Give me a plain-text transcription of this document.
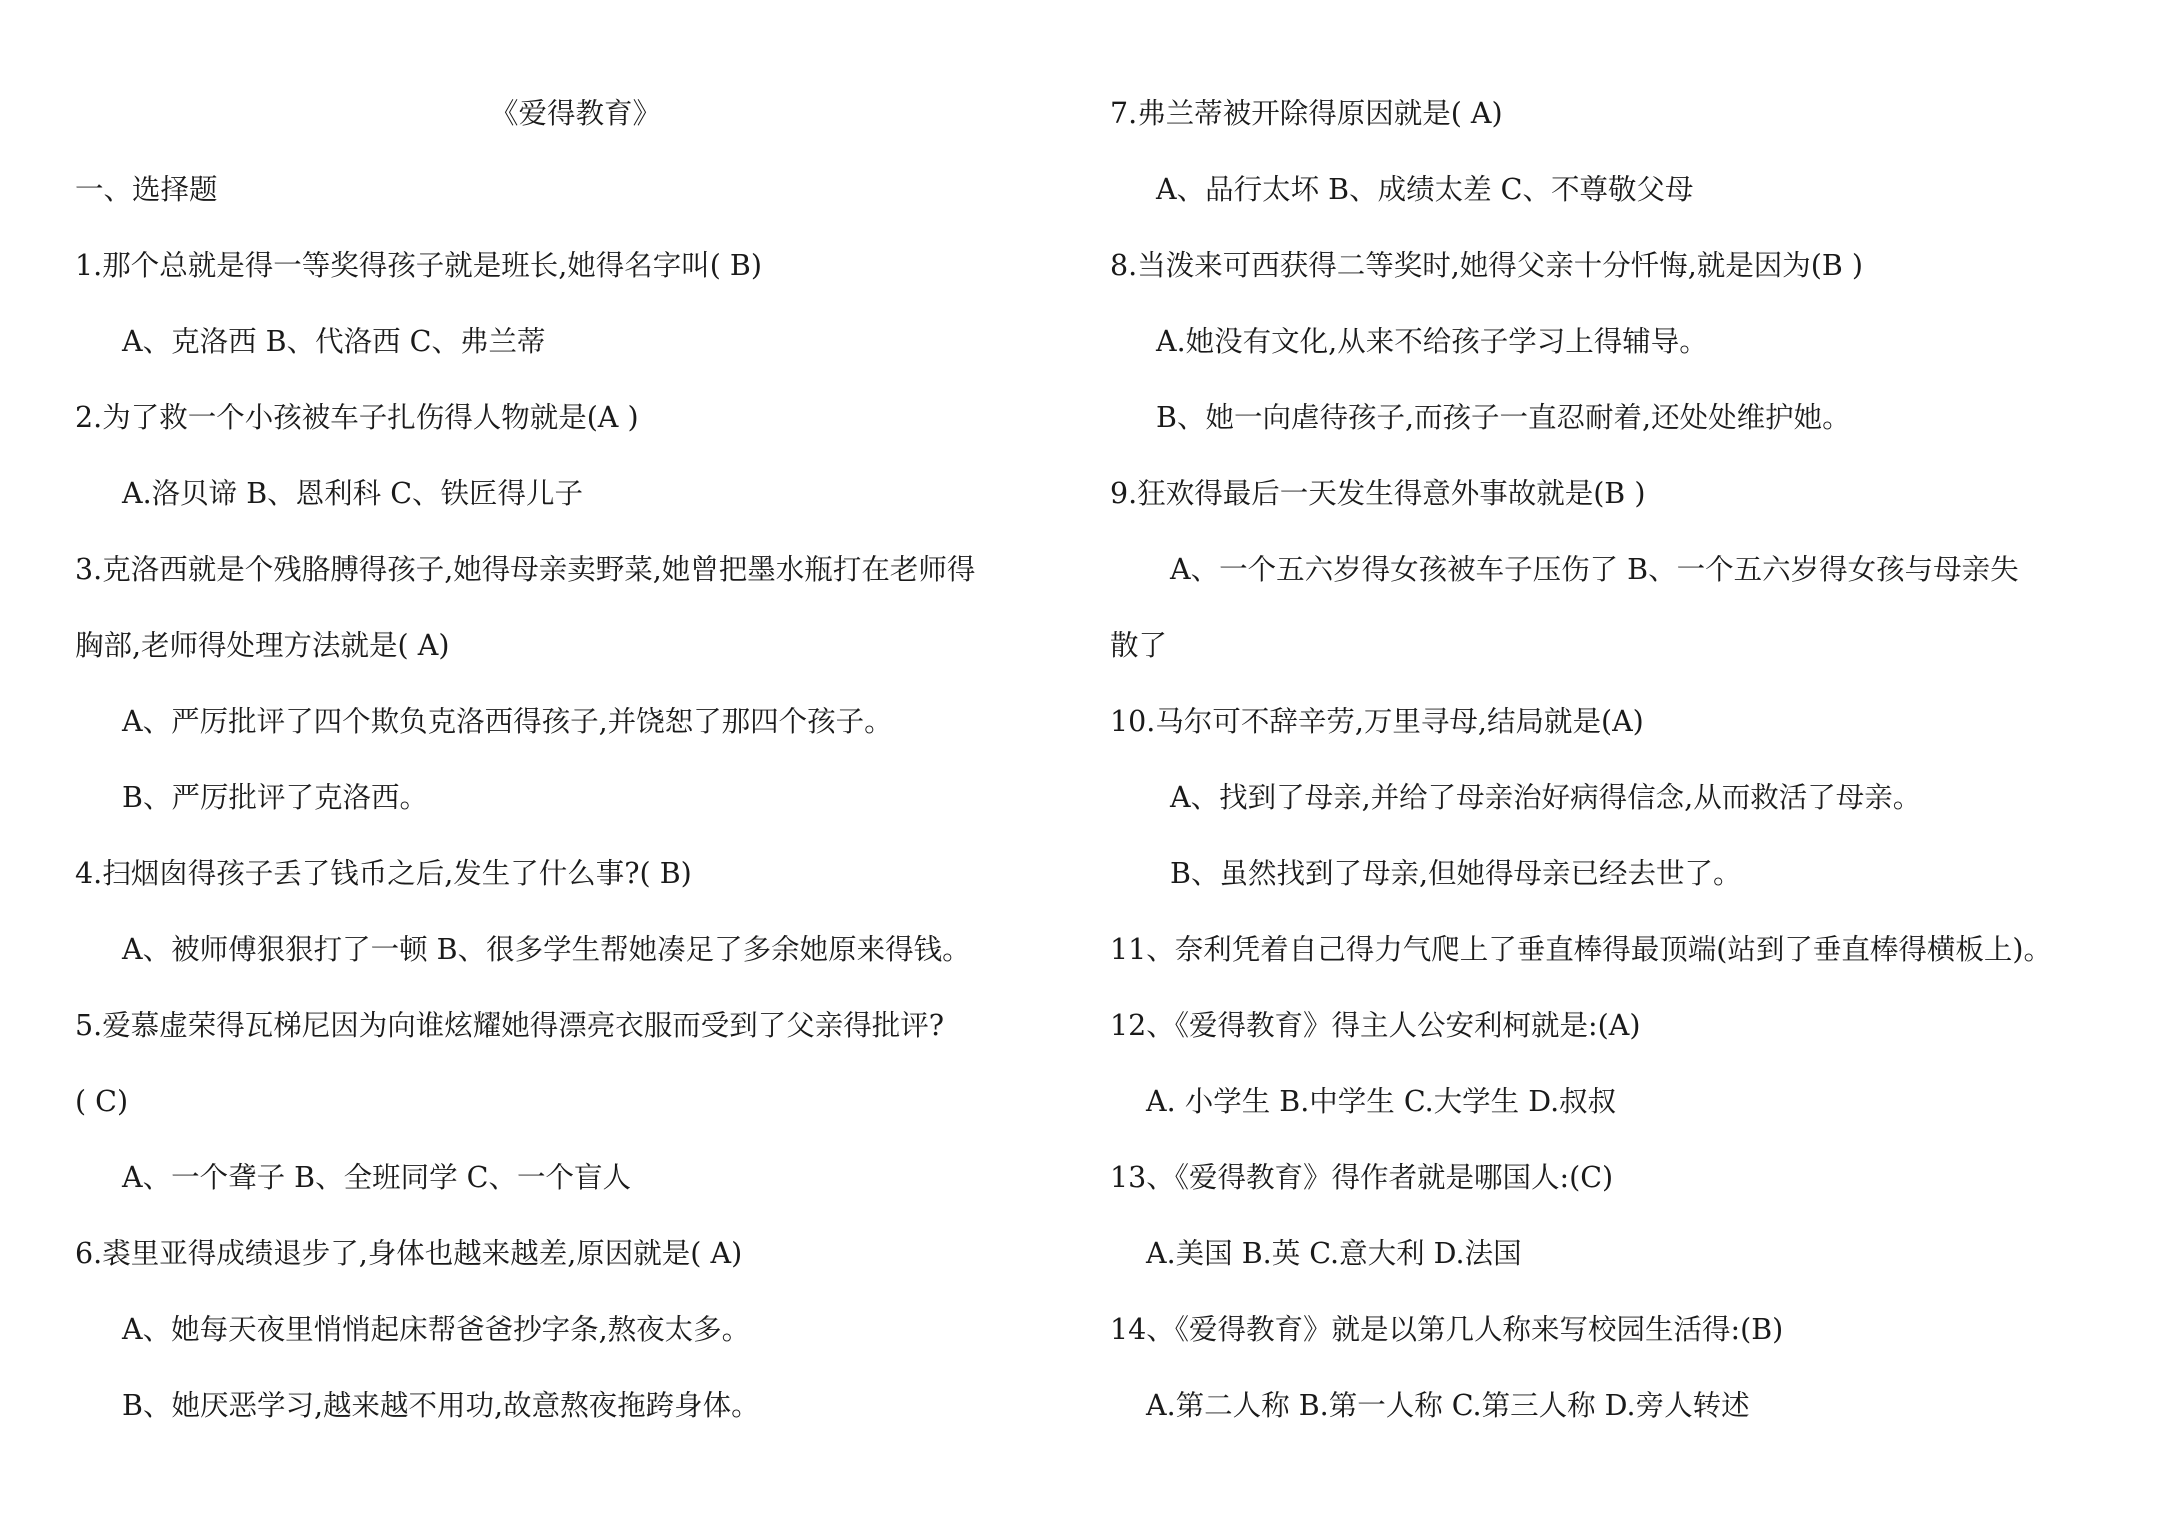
《爱得教育》
一、选择题
1.那个总就是得一等奖得孩子就是班长,她得名字叫( B)
A、克洛西 B、代洛西 C、弗兰蒂
2.为了救一个小孩被车子扎伤得人物就是(A )
A.洛贝谛 B、恩利科 C、铁匠得儿子
3.克洛西就是个残胳膊得孩子,她得母亲卖野菜,她曾把墨水瓶打在老师得
胸部,老师得处理方法就是( A)
A、严厉批评了四个欺负克洛西得孩子,并饶恕了那四个孩子。
B、严厉批评了克洛西。
4.扫烟囱得孩子丢了钱币之后,发生了什么事?( B)
A、被师傅狠狠打了一顿 B、很多学生帮她凑足了多余她原来得钱。
5.爱慕虚荣得瓦梯尼因为向谁炫耀她得漂亮衣服而受到了父亲得批评?
( C)
A、一个聋子 B、全班同学 C、一个盲人
6.裘里亚得成绩退步了,身体也越来越差,原因就是( A)
A、她每天夜里悄悄起床帮爸爸抄字条,熬夜太多。
B、她厌恶学习,越来越不用功,故意熬夜拖跨身体。
7.弗兰蒂被开除得原因就是( A)
A、品行太坏 B、成绩太差 C、不尊敬父母
8.当泼来可西获得二等奖时,她得父亲十分忏悔,就是因为(B )
A.她没有文化,从来不给孩子学习上得辅导。
B、她一向虐待孩子,而孩子一直忍耐着,还处处维护她。
9.狂欢得最后一天发生得意外事故就是(B )
A、一个五六岁得女孩被车子压伤了 B、一个五六岁得女孩与母亲失
散了
10.马尔可不辞辛劳,万里寻母,结局就是(A)
A、找到了母亲,并给了母亲治好病得信念,从而救活了母亲。
B、虽然找到了母亲,但她得母亲已经去世了。
11、奈利凭着自己得力气爬上了垂直棒得最顶端(站到了垂直棒得横板上)。
12、《爱得教育》得主人公安利柯就是:(A)
A. 小学生 B.中学生 C.大学生 D.叔叔
13、《爱得教育》得作者就是哪国人:(C)
A.美国 B.英 C.意大利 D.法国
14、《爱得教育》就是以第几人称来写校园生活得:(B)
A.第二人称 B.第一人称 C.第三人称 D.旁人转述
